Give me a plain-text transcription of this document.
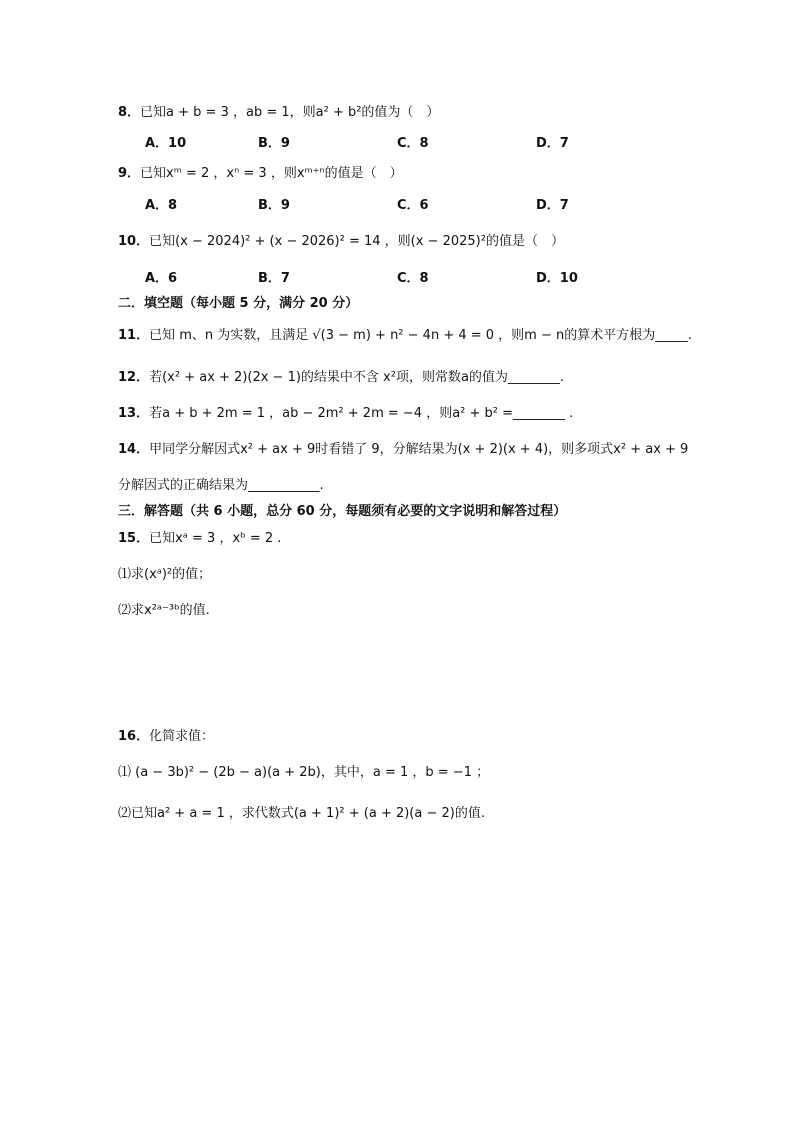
8．已知a + b = 3 ，ab = 1，则a² + b²的值为（　）
A．10	B．9	C．8	D．7
9．已知xᵐ = 2 ，xⁿ = 3 ，则xᵐ⁺ⁿ的值是（　）
A．8	B．9	C．6	D．7
10．已知(x − 2024)² + (x − 2026)² = 14 ，则(x − 2025)²的值是（　）
A．6	B．7	C．8	D．10
二．填空题（每小题 5 分，满分 20 分）
11．已知 m、n 为实数，且满足 √(3 − m) + n² − 4n + 4 = 0 ，则m − n的算术平方根为_____.
12．若(x² + ax + 2)(2x − 1)的结果中不含 x²项，则常数a的值为________.
13．若a + b + 2m = 1 ，ab − 2m² + 2m = −4 ，则a² + b² =________ .
14．甲同学分解因式x² + ax + 9时看错了 9，分解结果为(x + 2)(x + 4)，则多项式x² + ax + 9
分解因式的正确结果为___________.
三．解答题（共 6 小题，总分 60 分，每题须有必要的文字说明和解答过程）
15．已知xᵃ = 3 ，xᵇ = 2 .
⑴求(xᵃ)²的值；
⑵求x²ᵃ⁻³ᵇ的值.
16．化简求值：
⑴ (a − 3b)² − (2b − a)(a + 2b)，其中，a = 1 ，b = −1 ；
⑵已知a² + a = 1 ，求代数式(a + 1)² + (a + 2)(a − 2)的值.
